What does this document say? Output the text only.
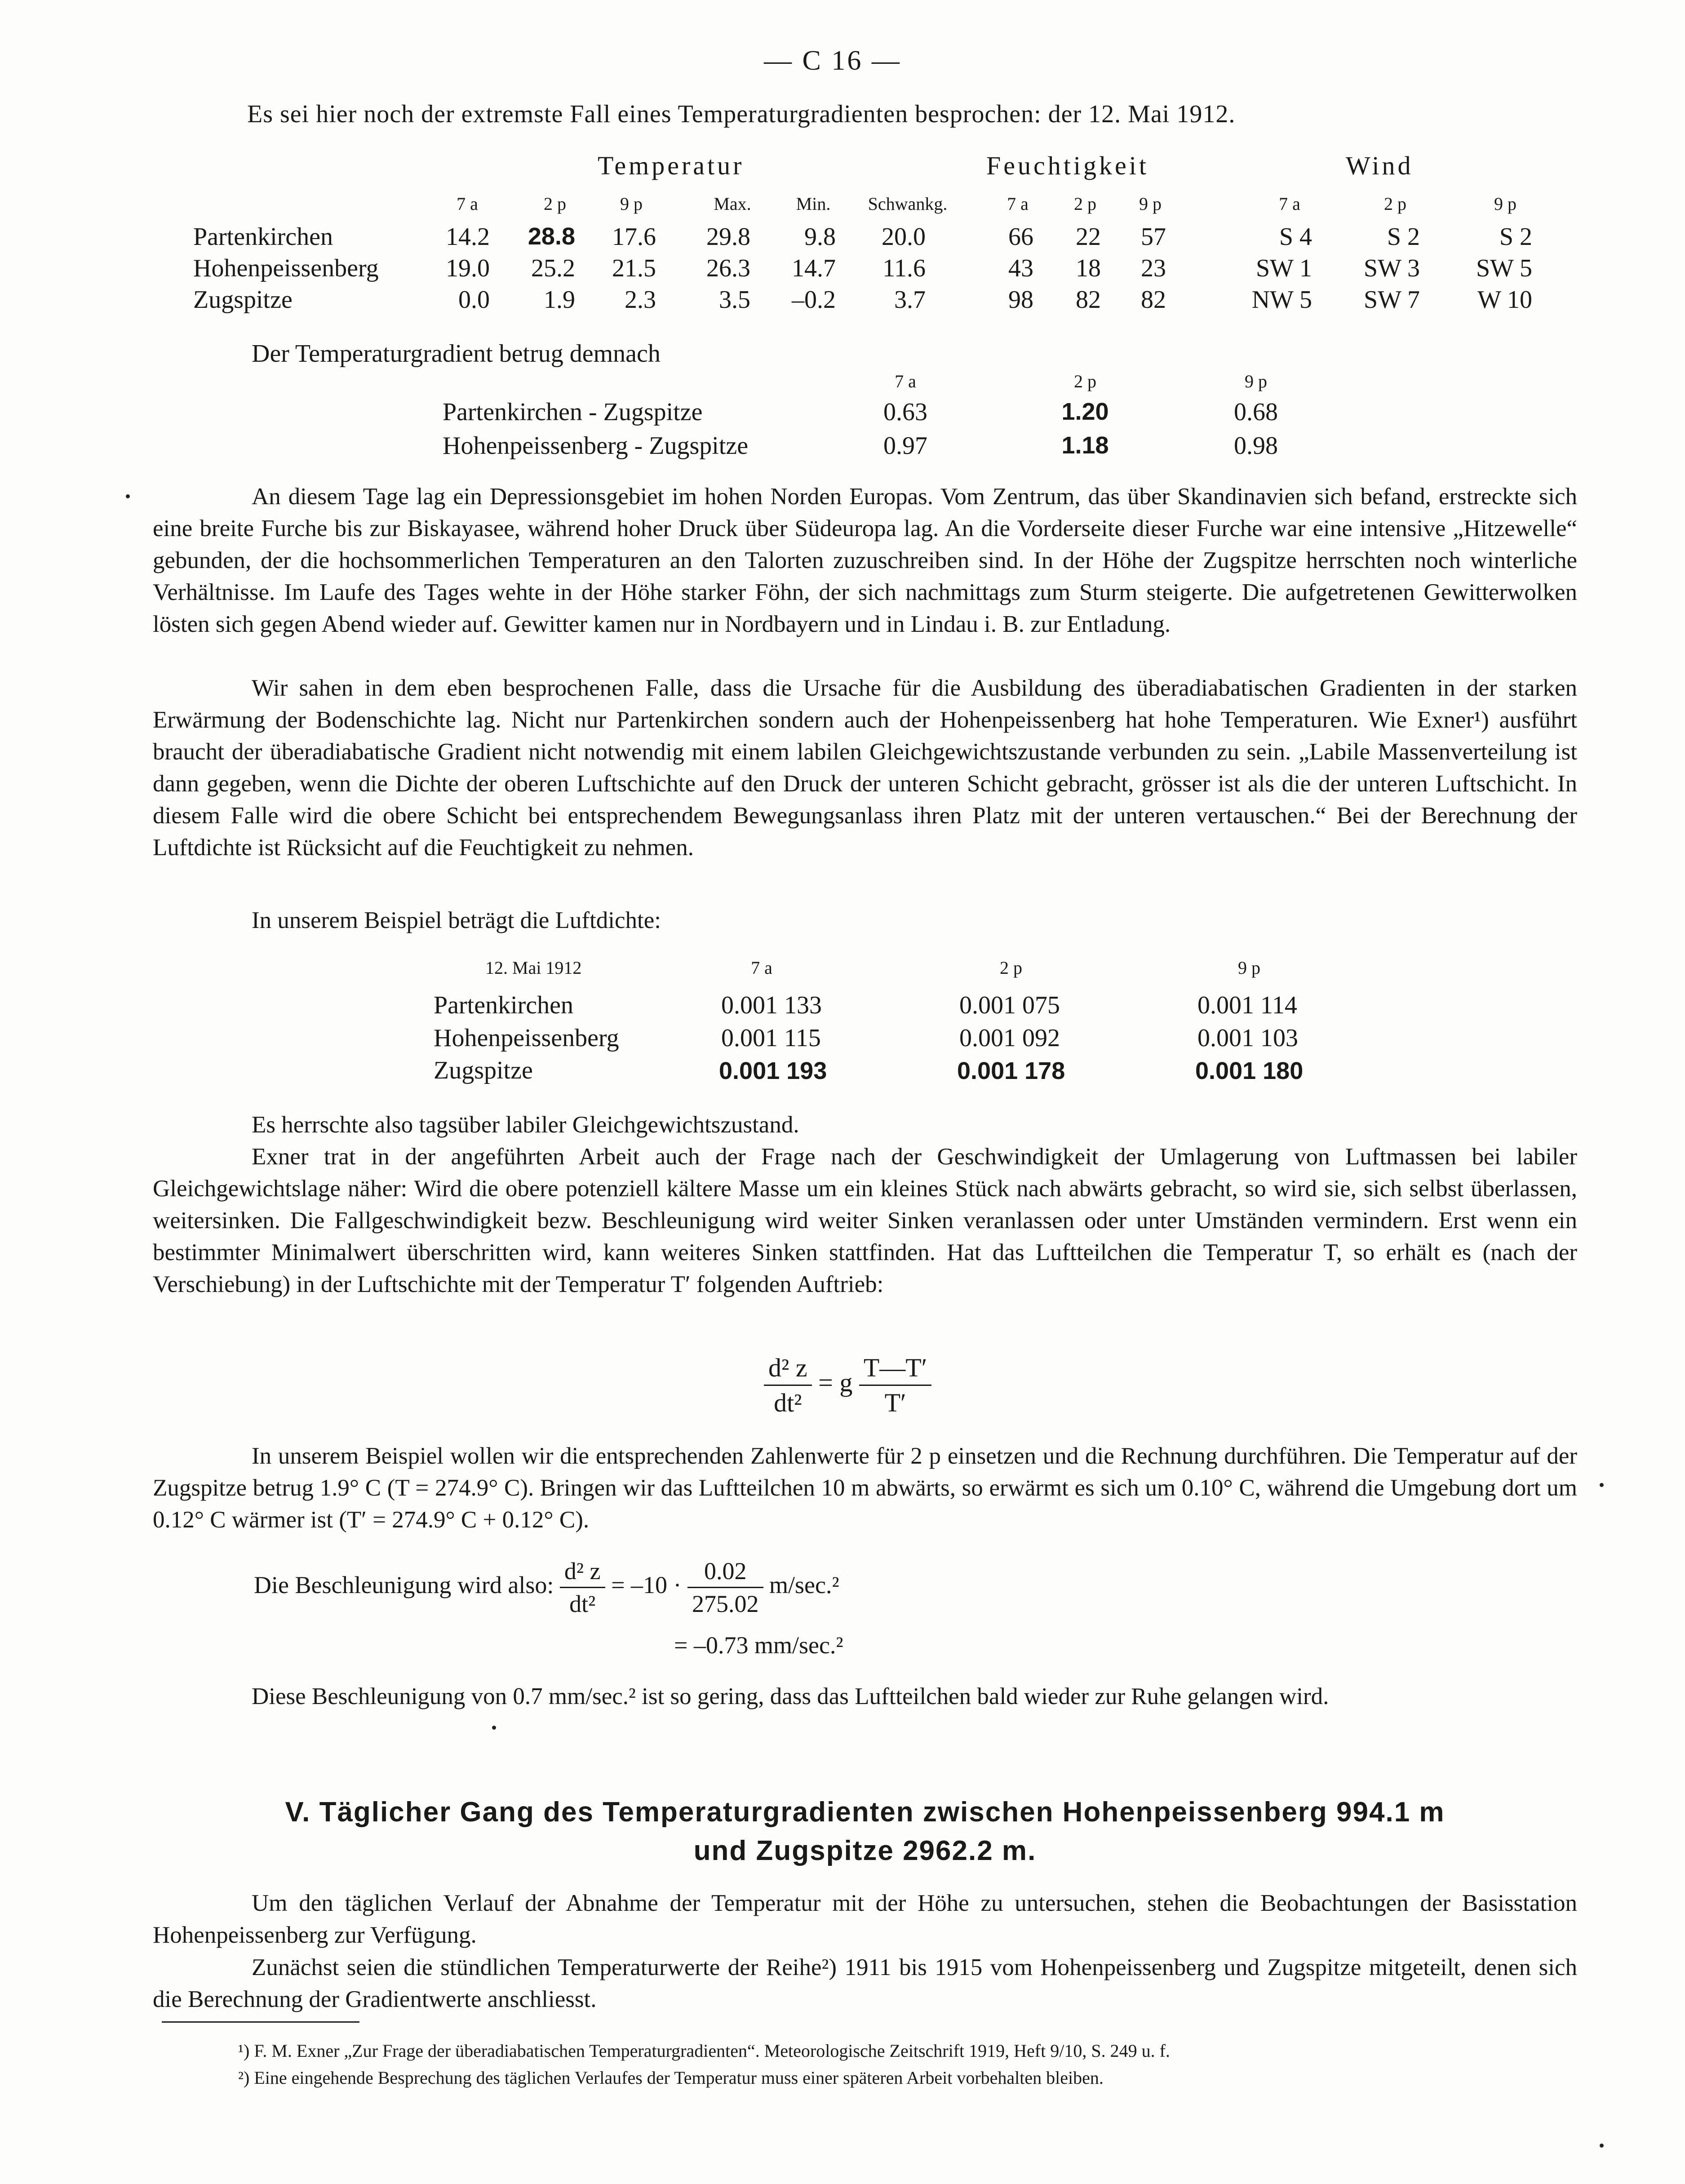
— C 16 —
Es sei hier noch der extremste Fall eines Temperaturgradienten besprochen: der 12. Mai 1912.
Temperatur	Feuchtigkeit	Wind
7 a	2 p	9 p	Max.	Min.	Schwankg.	7 a	2 p	9 p	7 a	2 p	9 p
Partenkirchen	14.2	28.8	17.6	29.8	9.8	20.0	66	22	57	S 4	S 2	S 2
Hohenpeissenberg	19.0	25.2	21.5	26.3	14.7	11.6	43	18	23	SW 1	SW 3	SW 5
Zugspitze	0.0	1.9	2.3	3.5	–0.2	3.7	98	82	82	NW 5	SW 7	W 10
Der Temperaturgradient betrug demnach
7 a	2 p	9 p
Partenkirchen - Zugspitze	0.63	1.20	0.68
Hohenpeissenberg - Zugspitze	0.97	1.18	0.98

An diesem Tage lag ein Depressionsgebiet im hohen Norden Europas. Vom Zentrum, das über Skandinavien sich befand, erstreckte sich eine breite Furche bis zur Biskayasee, während hoher Druck über Südeuropa lag. An die Vorderseite dieser Furche war eine intensive „Hitzewelle“ gebunden, der die hochsommerlichen Temperaturen an den Talorten zuzuschreiben sind. In der Höhe der Zugspitze herrschten noch winterliche Verhältnisse. Im Laufe des Tages wehte in der Höhe starker Föhn, der sich nachmittags zum Sturm steigerte. Die aufgetretenen Gewitterwolken lösten sich gegen Abend wieder auf. Gewitter kamen nur in Nordbayern und in Lindau i. B. zur Entladung.

Wir sahen in dem eben besprochenen Falle, dass die Ursache für die Ausbildung des überadiabatischen Gradienten in der starken Erwärmung der Bodenschichte lag. Nicht nur Partenkirchen sondern auch der Hohenpeissenberg hat hohe Temperaturen. Wie Exner¹) ausführt braucht der überadiabatische Gradient nicht notwendig mit einem labilen Gleichgewichtszustande verbunden zu sein. „Labile Massenverteilung ist dann gegeben, wenn die Dichte der oberen Luftschichte auf den Druck der unteren Schicht gebracht, grösser ist als die der unteren Luftschicht. In diesem Falle wird die obere Schicht bei entsprechendem Bewegungsanlass ihren Platz mit der unteren vertauschen.“ Bei der Berechnung der Luftdichte ist Rücksicht auf die Feuchtigkeit zu nehmen.

In unserem Beispiel beträgt die Luftdichte:

12. Mai 1912	7 a	2 p	9 p
Partenkirchen	0.001 133	0.001 075	0.001 114
Hohenpeissenberg	0.001 115	0.001 092	0.001 103
Zugspitze	0.001 193	0.001 178	0.001 180

Es herrschte also tagsüber labiler Gleichgewichtszustand.

Exner trat in der angeführten Arbeit auch der Frage nach der Geschwindigkeit der Umlagerung von Luftmassen bei labiler Gleichgewichtslage näher: Wird die obere potenziell kältere Masse um ein kleines Stück nach abwärts gebracht, so wird sie, sich selbst überlassen, weitersinken. Die Fallgeschwindigkeit bezw. Beschleunigung wird weiter Sinken veranlassen oder unter Umständen vermindern. Erst wenn ein bestimmter Minimalwert überschritten wird, kann weiteres Sinken stattfinden. Hat das Luftteilchen die Temperatur T, so erhält es (nach der Verschiebung) in der Luftschichte mit der Temperatur T′ folgenden Auftrieb:

$\frac{\text{d² z}}{\text{dt²}} = g \frac{T—T'}{T'}$

In unserem Beispiel wollen wir die entsprechenden Zahlenwerte für 2 p einsetzen und die Rechnung durchführen. Die Temperatur auf der Zugspitze betrug 1.9° C (T = 274.9° C). Bringen wir das Luftteilchen 10 m abwärts, so erwärmt es sich um 0.10° C, während die Umgebung dort um 0.12° C wärmer ist (T′ = 274.9° C + 0.12° C).

Die Beschleunigung wird also: $\frac{\text{d² z}}{\text{dt²}} = -10 \cdot \frac{0.02}{275.02} m/\sec.^2$
= –0.73 mm/sec.²

Diese Beschleunigung von 0.7 mm/sec.² ist so gering, dass das Luftteilchen bald wieder zur Ruhe gelangen wird.

V. Täglicher Gang des Temperaturgradienten zwischen Hohenpeissenberg 994.1 m
und Zugspitze 2962.2 m.

Um den täglichen Verlauf der Abnahme der Temperatur mit der Höhe zu untersuchen, stehen die Beobachtungen der Basisstation Hohenpeissenberg zur Verfügung.

Zunächst seien die stündlichen Temperaturwerte der Reihe²) 1911 bis 1915 vom Hohenpeissenberg und Zugspitze mitgeteilt, denen sich die Berechnung der Gradientwerte anschliesst.

¹) F. M. Exner „Zur Frage der überadiabatischen Temperaturgradienten“. Meteorologische Zeitschrift 1919, Heft 9/10, S. 249 u. f.
²) Eine eingehende Besprechung des täglichen Verlaufes der Temperatur muss einer späteren Arbeit vorbehalten bleiben.
